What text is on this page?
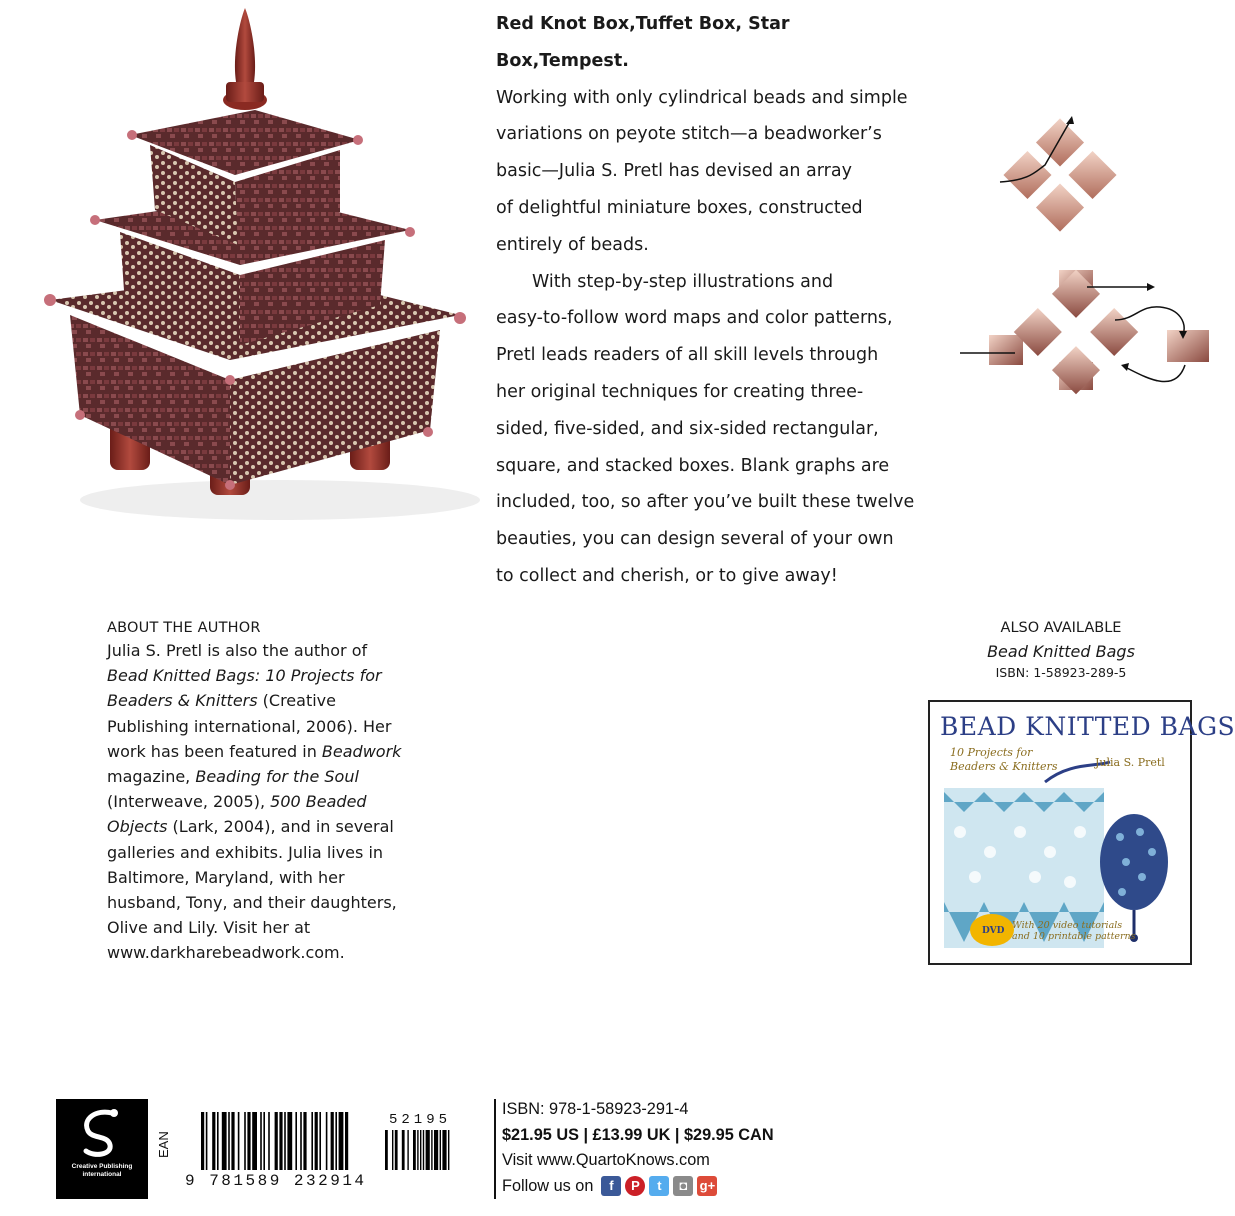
Red Knot Box,Tuffet Box, Star Box,Tempest.

Working with only cylindrical beads and simple

variations on peyote stitch—a beadworker’s

basic—Julia S. Pretl has devised an array

of delightful miniature boxes, constructed

entirely of beads.

With step-by-step illustrations and

easy-to-follow word maps and color patterns,

Pretl leads readers of all skill levels through

her original techniques for creating three-

sided, five-sided, and six-sided rectangular,

square, and stacked boxes. Blank graphs are

included, too, so after you’ve built these twelve

beauties, you can design several of your own

to collect and cherish, or to give away!

ABOUT THE AUTHOR
Julia S. Pretl is also the author of Bead Knitted Bags: 10 Projects for Beaders & Knitters (Creative Publishing international, 2006). Her work has been featured in Beadwork magazine, Beading for the Soul (Interweave, 2005), 500 Beaded Objects (Lark, 2004), and in several galleries and exhibits. Julia lives in Baltimore, Maryland, with her husband, Tony, and their daughters, Olive and Lily. Visit her at www.darkharebeadwork.com.
ALSO AVAILABLE
Bead Knitted Bags
ISBN: 1-58923-289-5
DVD
BEAD KNITTED BAGS
10 Projects for
Beaders & Knitters	Julia S. Pretl
With 20 video tutorials
and 10 printable patterns
Creative Publishing
international
EAN
9 781589 232914
52195
ISBN: 978-1-58923-291-4
$21.95 US | £13.99 UK | $29.95 CAN
Visit www.QuartoKnows.com
Follow us on	f	P	t	◘ g+
